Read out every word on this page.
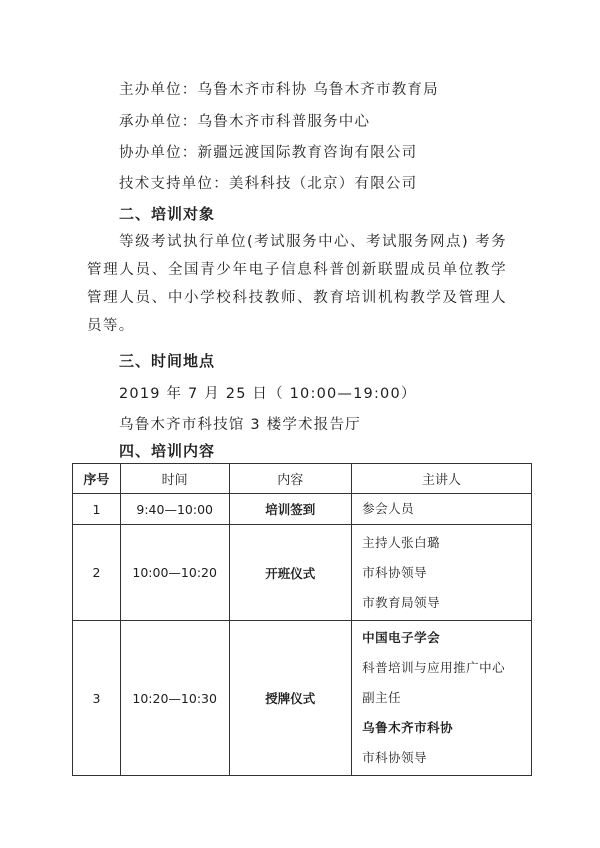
主办单位：乌鲁木齐市科协 乌鲁木齐市教育局
承办单位：乌鲁木齐市科普服务中心
协办单位：新疆远渡国际教育咨询有限公司
技术支持单位：美科科技（北京）有限公司
二、培训对象
等级考试执行单位(考试服务中心、考试服务网点) 考务管理人员、全国青少年电子信息科普创新联盟成员单位教学管理人员、中小学校科技教师、教育培训机构教学及管理人员等。
三、时间地点
2019 年 7 月 25 日（ 10:00—19:00）
乌鲁木齐市科技馆 3 楼学术报告厅
四、培训内容
序号	时间	内容	主讲人
1	9:40—10:00	培训签到	参会人员

2	10:00—10:20	开班仪式	主持人张白璐
市科协领导
市教育局领导

3	10:20—10:30	授牌仪式	中国电子学会
科普培训与应用推广中心
副主任
乌鲁木齐市科协
市科协领导
